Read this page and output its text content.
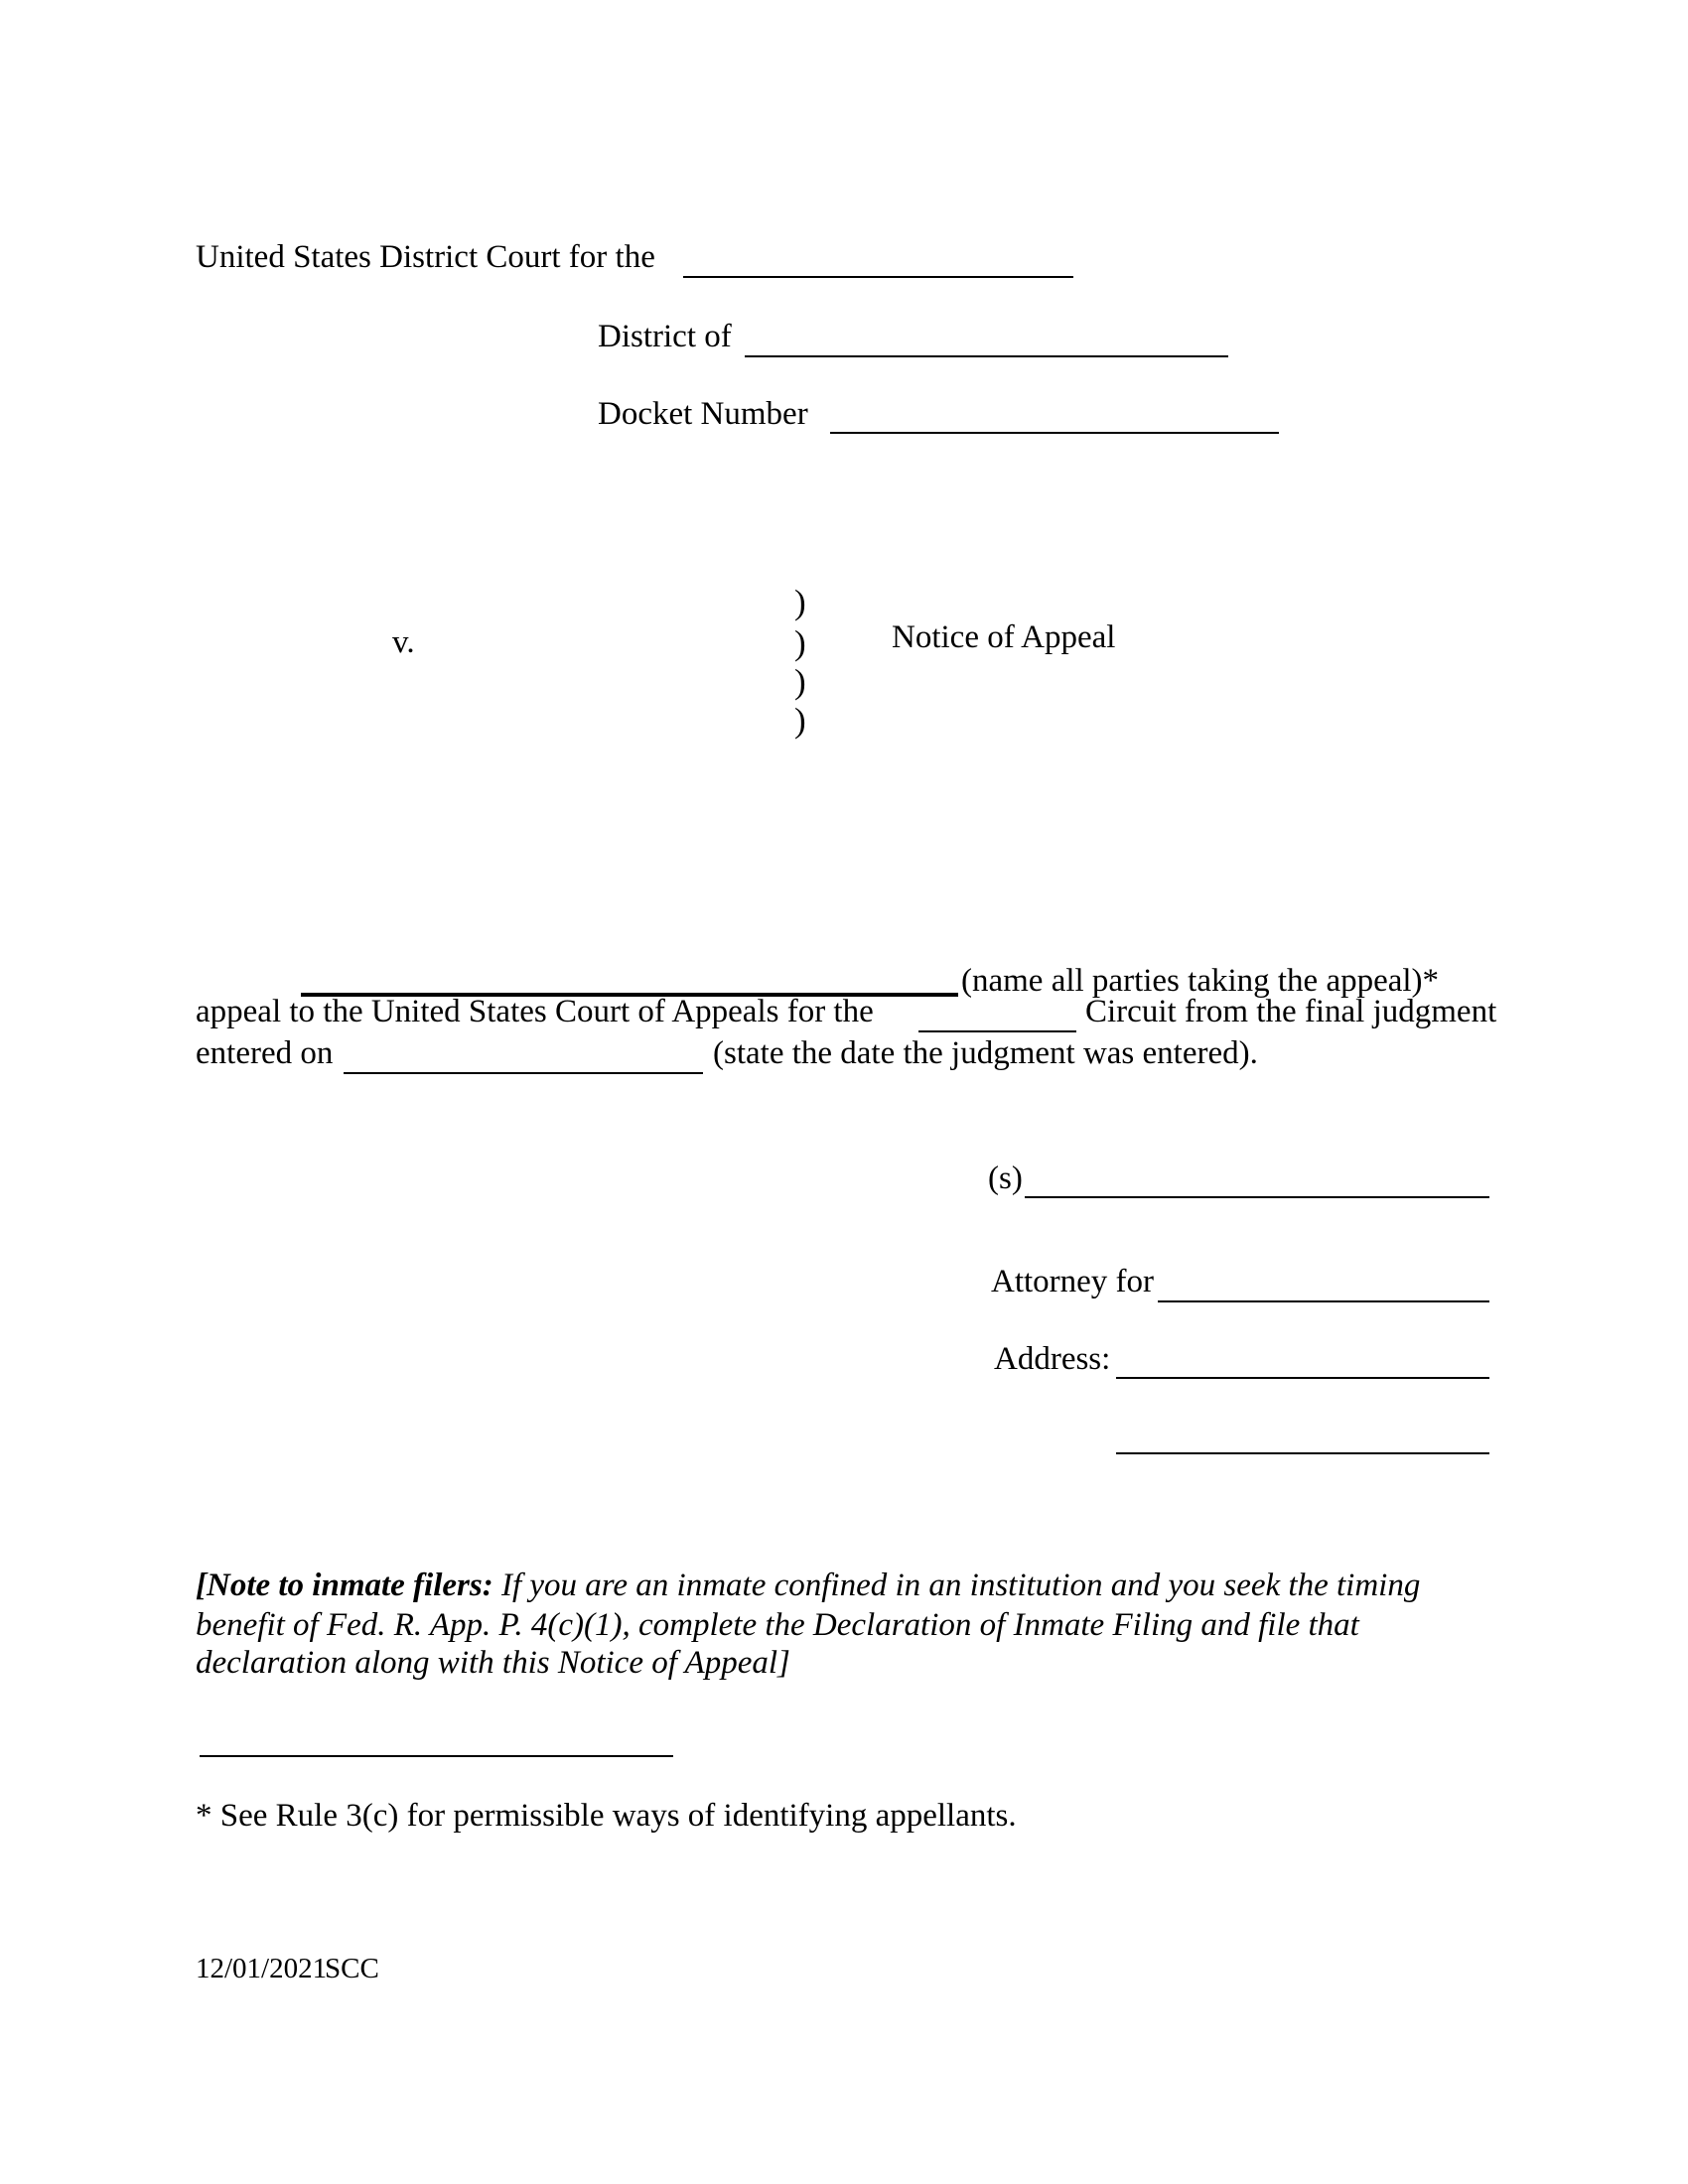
United States District Court for the
District of
Docket Number
v.
)
)
)
)
Notice of Appeal
(name all parties taking the appeal)*
appeal to the United States Court of Appeals for the	Circuit from the final judgment
entered on	(state the date the judgment was entered).
(s)
Attorney for
Address:
[Note to inmate filers: If you are an inmate confined in an institution and you seek the timing
benefit of Fed. R. App. P. 4(c)(1), complete the Declaration of Inmate Filing and file that
declaration along with this Notice of Appeal]
* See Rule 3(c) for permissible ways of identifying appellants.
12/01/2021
SCC
